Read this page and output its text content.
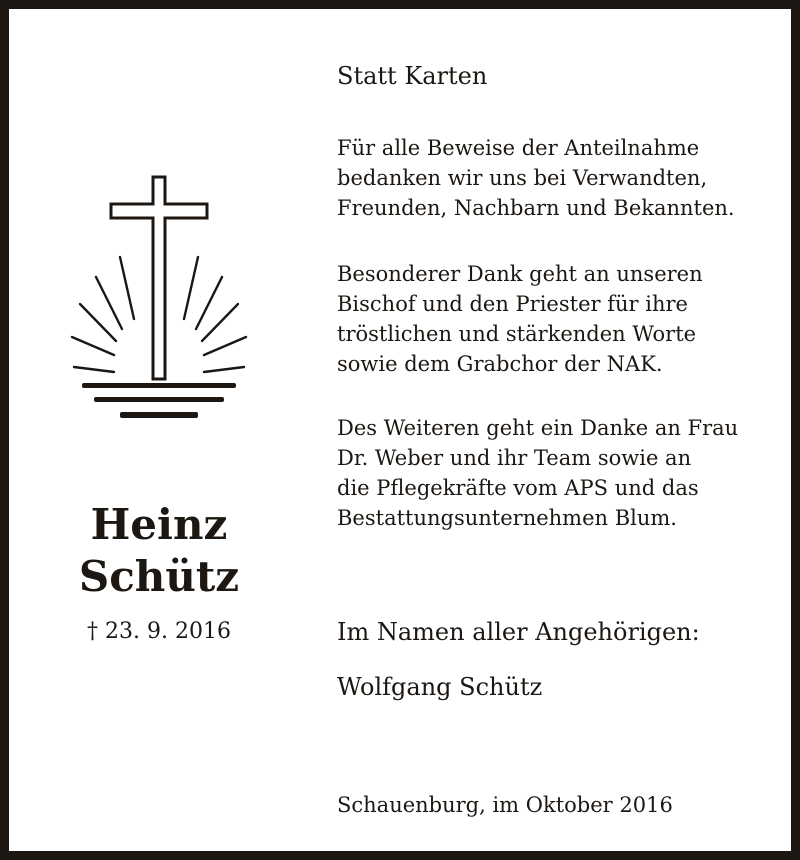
Heinz
Schütz
† 23. 9. 2016
Statt Karten
Für alle Beweise der Anteilnahme
bedanken wir uns bei Verwandten,
Freunden, Nachbarn und Bekannten.
Besonderer Dank geht an unseren
Bischof und den Priester für ihre
tröstlichen und stärkenden Worte
sowie dem Grabchor der NAK.
Des Weiteren geht ein Danke an Frau
Dr. Weber und ihr Team sowie an
die Pflegekräfte vom APS und das
Bestattungsunternehmen Blum.
Im Namen aller Angehörigen:
Wolfgang Schütz
Schauenburg, im Oktober 2016
